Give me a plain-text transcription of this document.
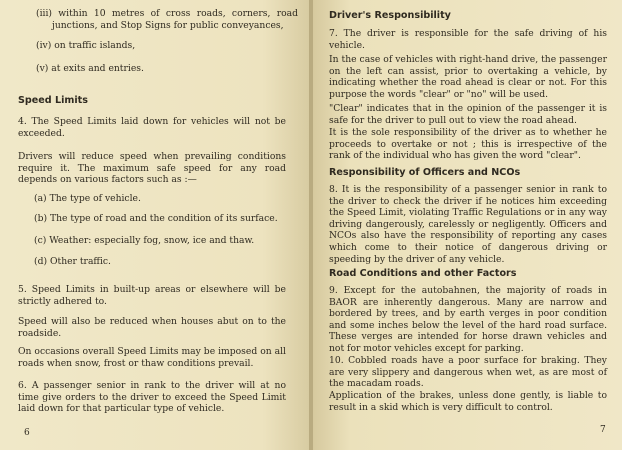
(iii) within 10 metres of cross roads, corners, road junctions, and Stop Signs for public conveyances,

(iv) on traffic islands,

(v) at exits and entries.

Speed Limits

4. The Speed Limits laid down for vehicles will not be exceeded.

Drivers will reduce speed when prevailing conditions require it. The maximum safe speed for any road depends on various factors such as :—

(a) The type of vehicle.

(b) The type of road and the condition of its surface.

(c) Weather: especially fog, snow, ice and thaw.

(d) Other traffic.

5. Speed Limits in built-up areas or elsewhere will be strictly adhered to.

Speed will also be reduced when houses abut on to the roadside.

On occasions overall Speed Limits may be imposed on all roads when snow, frost or thaw conditions prevail.

6. A passenger senior in rank to the driver will at no time give orders to the driver to exceed the Speed Limit laid down for that particular type of vehicle.

6

Driver's Responsibility

7. The driver is responsible for the safe driving of his vehicle.

In the case of vehicles with right-hand drive, the passenger on the left can assist, prior to overtaking a vehicle, by indicating whether the road ahead is clear or not. For this purpose the words "clear" or "no" will be used.

"Clear" indicates that in the opinion of the passenger it is safe for the driver to pull out to view the road ahead.

It is the sole responsibility of the driver as to whether he proceeds to overtake or not ; this is irrespective of the rank of the individual who has given the word "clear".

Responsibility of Officers and NCOs

8. It is the responsibility of a passenger senior in rank to the driver to check the driver if he notices him exceeding the Speed Limit, violating Traffic Regulations or in any way driving dangerously, carelessly or negligently. Officers and NCOs also have the responsibility of reporting any cases which come to their notice of dangerous driving or speeding by the driver of any vehicle.

Road Conditions and other Factors

9. Except for the autobahnen, the majority of roads in BAOR are inherently dangerous. Many are narrow and bordered by trees, and by earth verges in poor condition and some inches below the level of the hard road surface. These verges are intended for horse drawn vehicles and not for motor vehicles except for parking.

10. Cobbled roads have a poor surface for braking. They are very slippery and dangerous when wet, as are most of the macadam roads.

Application of the brakes, unless done gently, is liable to result in a skid which is very difficult to control.

7
